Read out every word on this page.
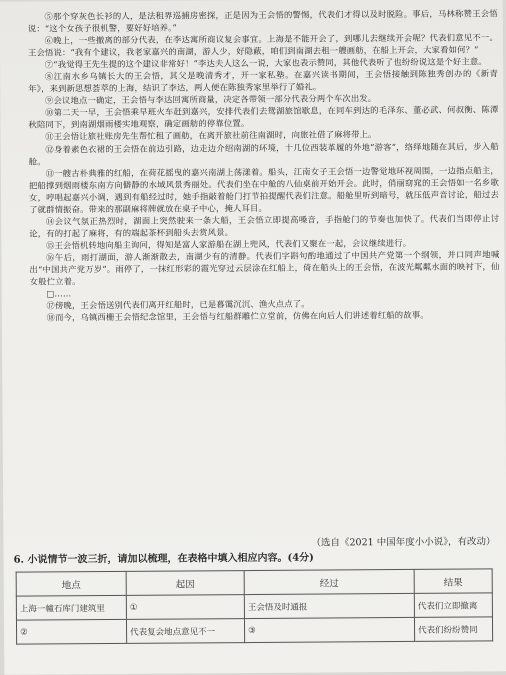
⑤那个穿灰色长衫的人，是法租界巡捕房密探，正是因为王会悟的警惕，代表们才得以及时脱险。事后，马林称赞王会悟说：“这个女孩子很机警，要好好培养。”

⑥晚上，一些撤离的部分代表，在李达寓所商议复会事宜。上海是不能开会了，到哪儿去继续开会呢？代表们意见不一。王会悟说：“我有个建议，我老家嘉兴的南湖，游人少，好隐蔽，咱们到南湖去租一艘画舫，在船上开会，大家看如何？”

⑦“我觉得王先生提的这个建议非常好！”李达夫人这么一说，大家也表示赞同，其他代表听了也纷纷说这是个好主意。

⑧江南水乡乌镇长大的王会悟，其父是晚清秀才，开一家私塾。在嘉兴读书期间，王会悟接触到陈独秀创办的《新青年》，来到新思想荟萃的上海，结识了李达，两人便在陈独秀家里举行了婚礼。

⑨会议地点一确定，王会悟与李达回寓所商量，决定各带领一部分代表分两个车次出发。

⑩第二天一早，王会悟乘早班火车赶到嘉兴，安排代表们去鸳湖旅馆歇息，在同车到达的毛泽东、董必武、何叔衡、陈潭秋陪同下，到南湖烟雨楼实地观察，确定画舫的停靠位置。

⑪王会悟让旅社账房先生帮忙租了画舫，在离开旅社前往南湖时，向旅社借了麻将带上。

⑫身着素色衣裙的王会悟在前边引路，边走边介绍南湖的环境，十几位西装革履的外地“游客”，络绎地随在其后，步入船舱。

⑬一艘古朴典雅的红船，在荷花摇曳的嘉兴南湖上荡漾着。船头，江南女子王会悟一边警觉地环视周围，一边指点船主，把船撑到烟雨楼东南方向僻静的水域风景秀丽处。代表们坐在中舱的八仙桌前开始开会。此时，俏丽窈窕的王会悟如一名乡歌女，哼唱起嘉兴小调，遇到有船经过时，她手指敲着舱门打节拍提醒代表们注意。船舱里听到暗号，就压低声音讨论，船过去了就群情振奋。带来的那副麻将牌就放在桌子中心，掩人耳目。

⑭会议气氛正热烈时，湖面上突然驶来一条大船，王会悟立即提高嗓音，手指舱门的节奏也加快了。代表们当即停止讨论，有的打起了麻将，有的端起茶杯到船头去赏风景。

⑮王会悟机转地向船主询问，得知是富人家游船在湖上兜风，代表们又聚在一起，会议继续进行。

⑯午后，雨打湖面，游人渐渐散去，南湖少有的清静。代表们字斟句酌地通过了中国共产党第一个纲领，并口同声地喊出“中国共产党万岁”。雨停了，一抹红形彩的霞光穿过云层涂在红船上，倚在船头上的王会悟，在波光粼粼水面的映衬下，仙女般伫立着。

□……

⑰傍晚，王会悟送别代表们离开红船时，已是暮霭沉沉、渔火点点了。

⑱而今，乌镇西栅王会悟纪念馆里，王会悟与红船群雕伫立堂前，仿佛在向后人们讲述着红船的故事。

（选自《2021 中国年度小小说》，有改动）
6. 小说情节一波三折，请加以梳理，在表格中填入相应内容。(4分)
地点	起因	经过	结果
上海一幢石库门建筑里	①	王会悟及时通报	代表们立即撤离
②	代表复会地点意见不一	③	代表们纷纷赞同
